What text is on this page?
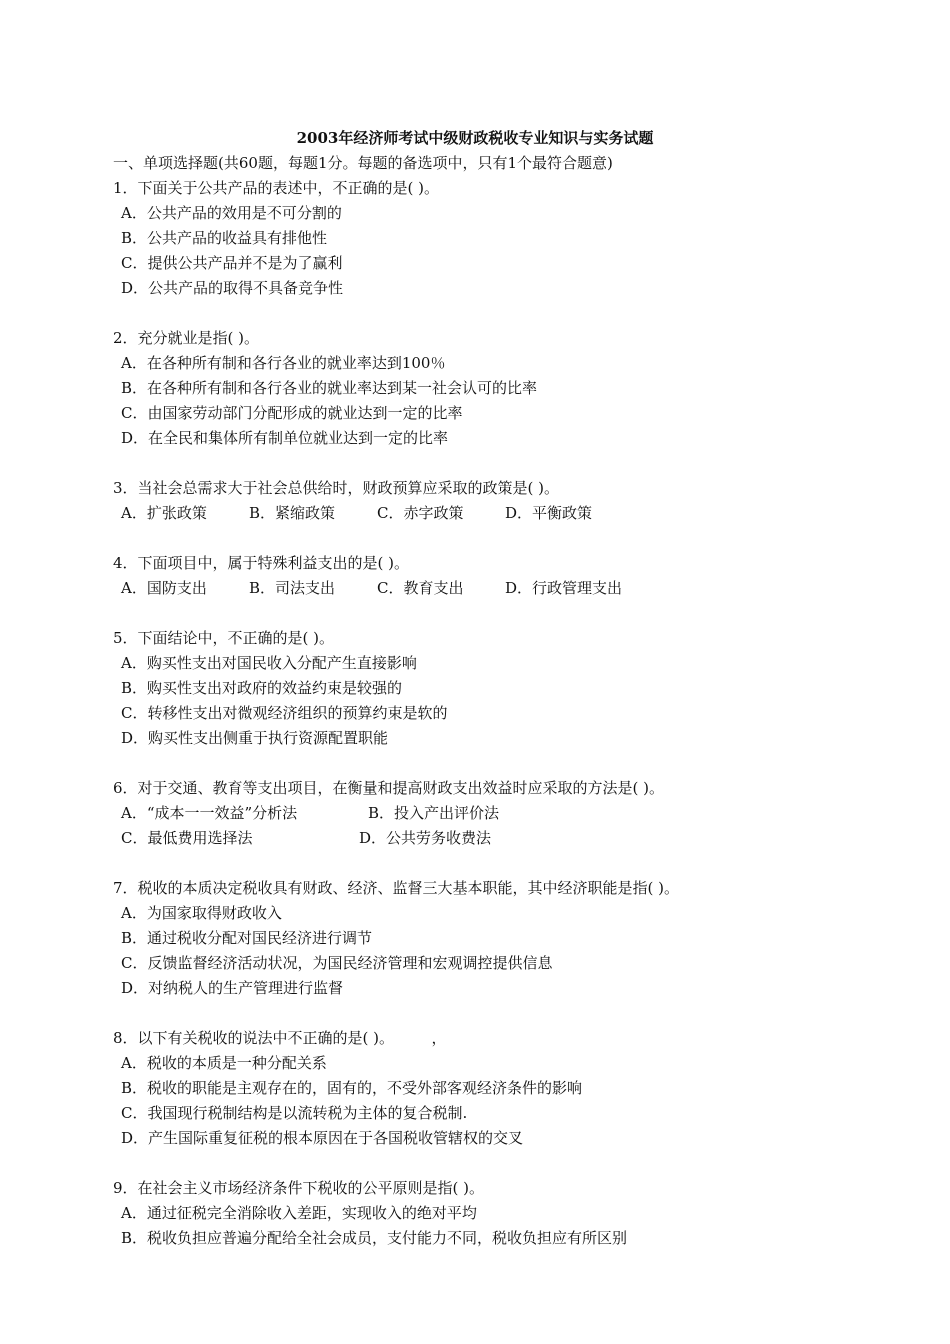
2003年经济师考试中级财政税收专业知识与实务试题
一、单项选择题(共60题，每题1分。每题的备选项中，只有1个最符合题意)
1．下面关于公共产品的表述中，不正确的是( )。
A．公共产品的效用是不可分割的
B．公共产品的收益具有排他性
C．提供公共产品并不是为了赢利
D．公共产品的取得不具备竞争性
2．充分就业是指( )。
A．在各种所有制和各行各业的就业率达到100％
B．在各种所有制和各行各业的就业率达到某一社会认可的比率
C．由国家劳动部门分配形成的就业达到一定的比率
D．在全民和集体所有制单位就业达到一定的比率
3．当社会总需求大于社会总供给时，财政预算应采取的政策是( )。
A．扩张政策	B．紧缩政策	C．赤字政策	D．平衡政策
4．下面项目中，属于特殊利益支出的是( )。
A．国防支出	B．司法支出	C．教育支出	D．行政管理支出
5．下面结论中，不正确的是( )。
A．购买性支出对国民收入分配产生直接影响
B．购买性支出对政府的效益约束是较强的
C．转移性支出对微观经济组织的预算约束是软的
D．购买性支出侧重于执行资源配置职能
6．对于交通、教育等支出项目，在衡量和提高财政支出效益时应采取的方法是( )。
A．“成本一一效益”分析法	B．投入产出评价法
C．最低费用选择法	D．公共劳务收费法
7．税收的本质决定税收具有财政、经济、监督三大基本职能，其中经济职能是指( )。
A．为国家取得财政收入
B．通过税收分配对国民经济进行调节
C．反馈监督经济活动状况，为国民经济管理和宏观调控提供信息
D．对纳税人的生产管理进行监督
8．以下有关税收的说法中不正确的是( )。　　　，
A．税收的本质是一种分配关系
B．税收的职能是主观存在的，固有的，不受外部客观经济条件的影响
C．我国现行税制结构是以流转税为主体的复合税制.
D．产生国际重复征税的根本原因在于各国税收管辖权的交叉
9．在社会主义市场经济条件下税收的公平原则是指( )。
A．通过征税完全消除收入差距，实现收入的绝对平均
B．税收负担应普遍分配给全社会成员，支付能力不同，税收负担应有所区别
